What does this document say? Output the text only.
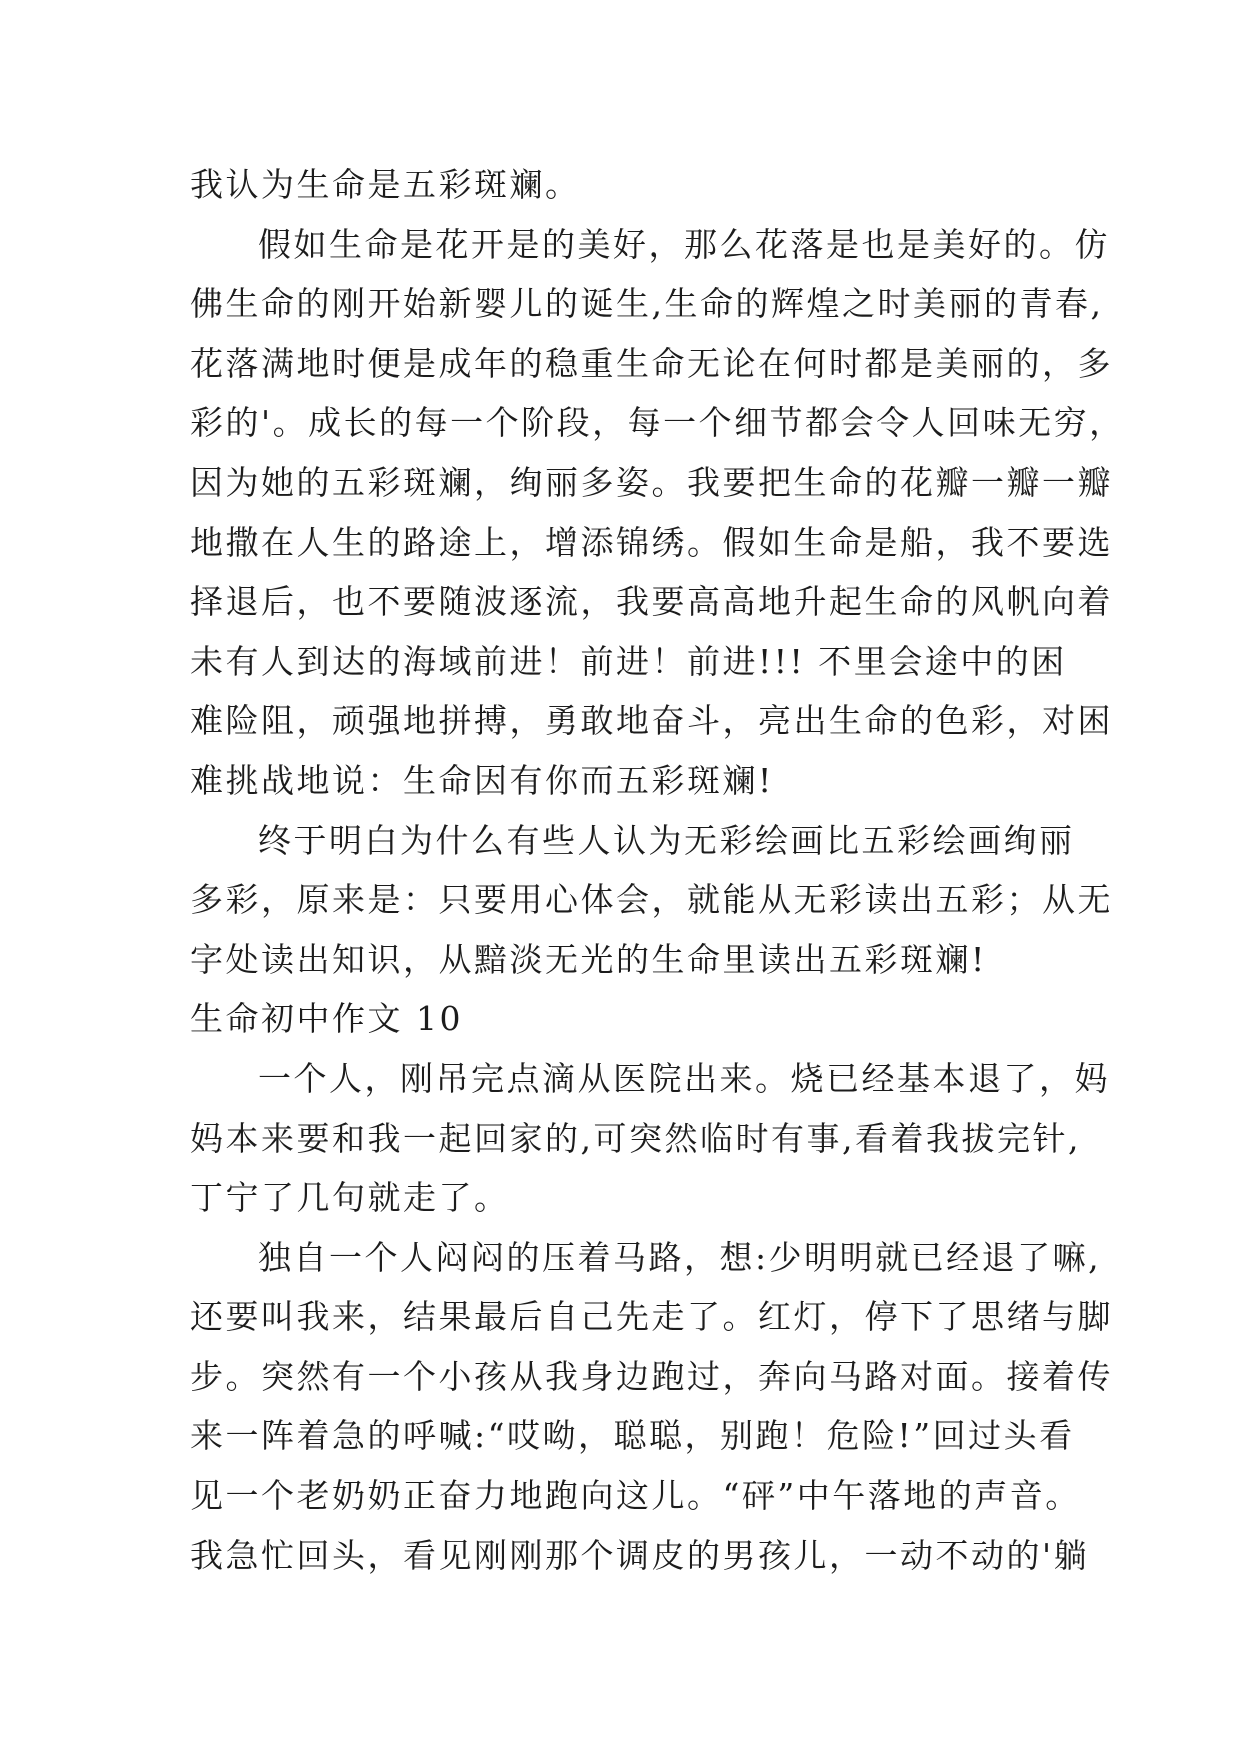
我认为生命是五彩斑斓。
假如生命是花开是的美好，那么花落是也是美好的。仿
佛生命的刚开始新婴儿的诞生,生命的辉煌之时美丽的青春,
花落满地时便是成年的稳重生命无论在何时都是美丽的，多
彩的'。成长的每一个阶段，每一个细节都会令人回味无穷，
因为她的五彩斑斓，绚丽多姿。我要把生命的花瓣一瓣一瓣
地撒在人生的路途上，增添锦绣。假如生命是船，我不要选
择退后，也不要随波逐流，我要高高地升起生命的风帆向着
未有人到达的海域前进！前进！前进!!! 不里会途中的困
难险阻，顽强地拼搏，勇敢地奋斗，亮出生命的色彩，对困
难挑战地说：生命因有你而五彩斑斓!
终于明白为什么有些人认为无彩绘画比五彩绘画绚丽
多彩，原来是：只要用心体会，就能从无彩读出五彩；从无
字处读出知识，从黯淡无光的生命里读出五彩斑斓!
生命初中作文 10
一个人，刚吊完点滴从医院出来。烧已经基本退了，妈
妈本来要和我一起回家的,可突然临时有事,看着我拔完针,
丁宁了几句就走了。
独自一个人闷闷的压着马路，想:少明明就已经退了嘛,
还要叫我来，结果最后自己先走了。红灯，停下了思绪与脚
步。突然有一个小孩从我身边跑过，奔向马路对面。接着传
来一阵着急的呼喊:“哎呦，聪聪，别跑！危险!”回过头看
见一个老奶奶正奋力地跑向这儿。“砰”中午落地的声音。
我急忙回头，看见刚刚那个调皮的男孩儿，一动不动的'躺
